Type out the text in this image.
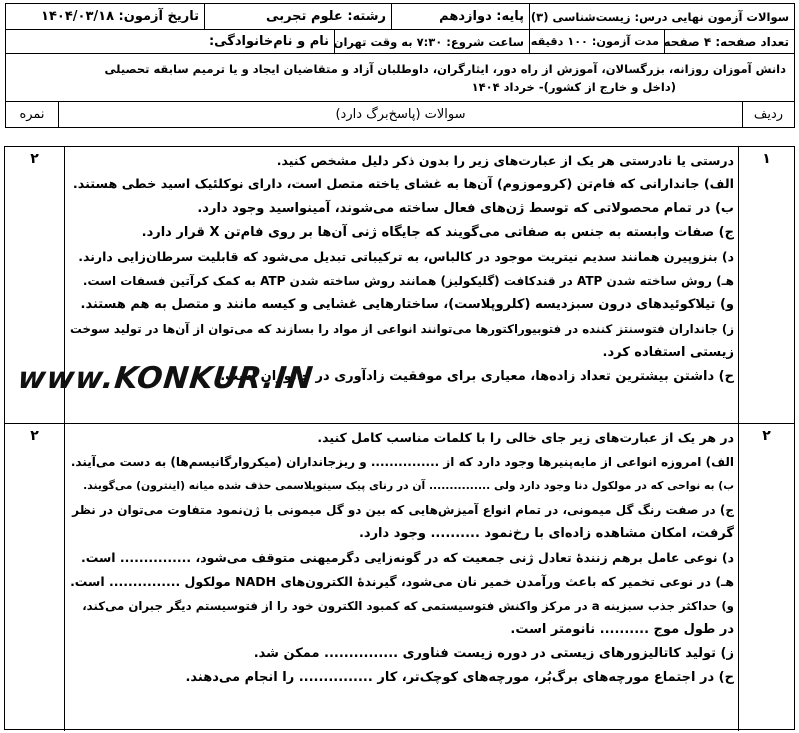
سوالات آزمون نهایی درس: زیست‌شناسی (۳)
پایه: دوازدهم
رشته: علوم تجربی
تاریخ آزمون: ۱۴۰۴/۰۳/۱۸
تعداد صفحه: ۴ صفحه
مدت آزمون: ۱۰۰ دقیقه
ساعت شروع: ۷:۳۰ به وقت تهران
نام و نام‌خانوادگی:
دانش آموزان روزانه، بزرگسالان، آموزش از راه دور، ایثارگران، داوطلبان آزاد و متقاضیان ایجاد و یا ترمیم سابقه تحصیلی
(داخل و خارج از کشور)- خرداد ۱۴۰۴
ردیف
سوالات (پاسخ‌برگ دارد)
نمره
۱

درستی یا نادرستی هر یک از عبارت‌های زیر را بدون ذکر دلیل مشخص کنید.

الف) جاندارانی که فام‌تن (کروموزوم) آن‌ها به غشای یاخته متصل است، دارای نوکلئیک اسید خطی هستند.

ب) در تمام محصولاتی که توسط ژن‌های فعال ساخته می‌شوند، آمینواسید وجود دارد.

ج) صفات وابسته به جنس به صفاتی می‌گویند که جایگاه ژنی آن‌ها بر روی فام‌تن X قرار دارد.

د) بنزوپیرن همانند سدیم نیتریت موجود در کالباس، به ترکیباتی تبدیل می‌شود که قابلیت سرطان‌زایی دارند.

هـ) روش ساخته شدن ATP در قندکافت (گلیکولیز) همانند روش ساخته شدن ATP به کمک کرآتین فسفات است.

و) تیلاکوئیدهای درون سبزدیسه (کلروپلاست)، ساختارهایی غشایی و کیسه مانند و متصل به هم هستند.

ز) جانداران فتوسنتز کننده در فتوبیوراکتورها می‌توانند انواعی از مواد را بسازند که می‌توان از آن‌ها در تولید سوخت

زیستی استفاده کرد.

ح) داشتن بیشترین تعداد زاده‌ها، معیاری برای موفقیت زادآوری در جانوران است.

۲
۲

در هر یک از عبارت‌های زیر جای خالی را با کلمات مناسب کامل کنید.

الف) امروزه انواعی از مایه‌پنیرها وجود دارد که از ............... و ریزجانداران (میکروارگانیسم‌ها) به دست می‌آیند.

ب) به نواحی که در مولکول دنا وجود دارد ولی ............... آن در رنای پیک سیتوپلاسمی حذف شده میانه (اینترون) می‌گویند.

ج) در صفت رنگ گل میمونی، در تمام انواع آمیزش‌هایی که بین دو گل میمونی با ژن‌نمود متفاوت می‌توان در نظر

گرفت، امکان مشاهده زاده‌ای با رخ‌نمود .......... وجود دارد.

د) نوعی عامل برهم زنندهٔ تعادل ژنی جمعیت که در گونه‌زایی دگرمیهنی متوقف می‌شود، ............... است.

هـ) در نوعی تخمیر که باعث ورآمدن خمیر نان می‌شود، گیرندهٔ الکترون‌های NADH مولکول ............... است.

و) حداکثر جذب سبزینه a در مرکز واکنش فتوسیستمی که کمبود الکترون خود را از فتوسیستم دیگر جبران می‌کند،

در طول موج .......... نانومتر است.

ز) تولید کاتالیزورهای زیستی در دوره زیست فناوری ............... ممکن شد.

ح) در اجتماع مورچه‌های برگ‌بُر، مورچه‌های کوچک‌تر، کار ............... را انجام می‌دهند.

۲
www.KONKUR.IN
